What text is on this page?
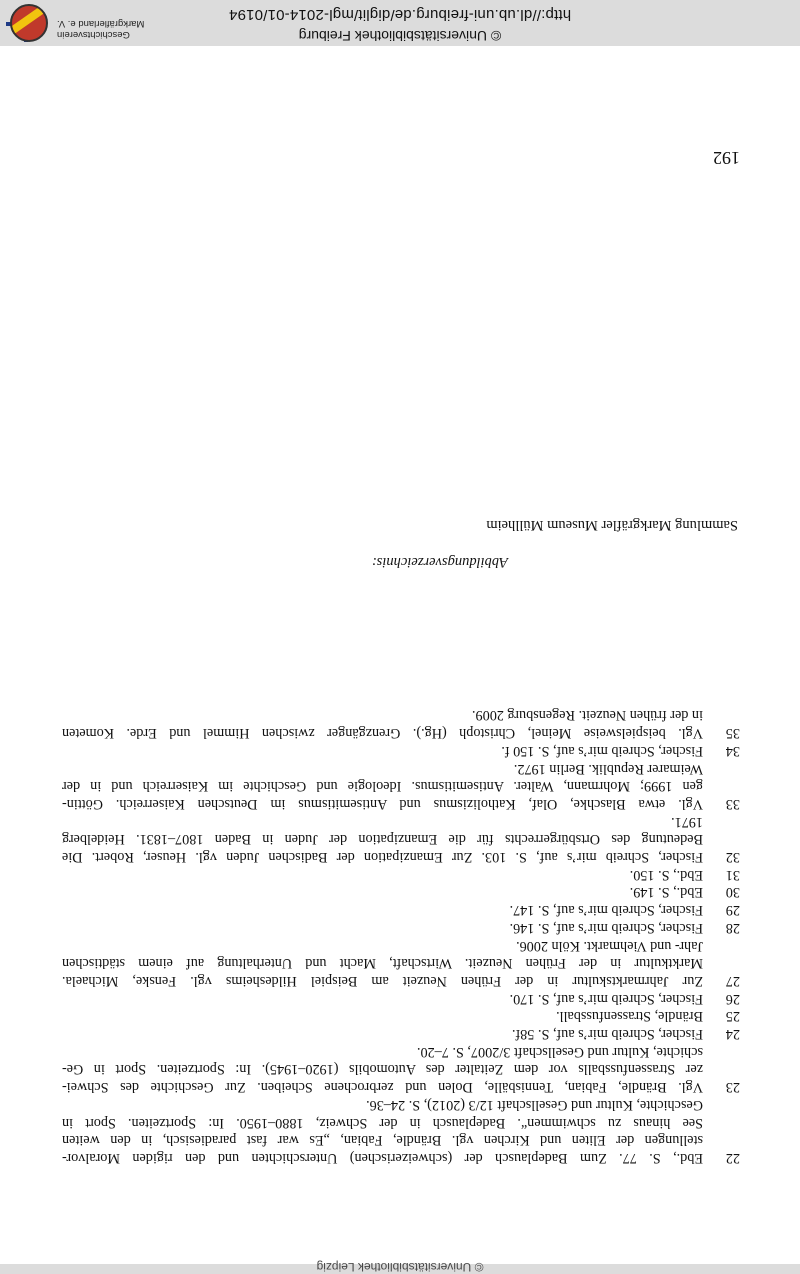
© Universitätsbibliothek Leipzig
22
Ebd., S. 77. Zum Badeplausch der (schweizerischen) Unterschichten und den rigiden Moralvor-
stellungen der Eliten und Kirchen vgl. Brändle, Fabian, „Es war fast paradiesisch, in den weiten
See hinaus zu schwimmen“. Badeplausch in der Schweiz, 1880–1950. In: Sportzeiten. Sport in
Geschichte, Kultur und Gesellschaft 12/3 (2012), S. 24–36.
23
Vgl. Brändle, Fabian, Tennisbälle, Dolen und zerbrochene Scheiben. Zur Geschichte des Schwei-
zer Strassenfussballs vor dem Zeitalter des Automobils (1920–1945). In: Sportzeiten. Sport in Ge-
schichte, Kultur und Gesellschaft 3/2007, S. 7–20.
24
Fischer, Schreib mir’s auf, S. 58f.
25
Brändle, Strassenfussball.
26
Fischer, Schreib mir’s auf, S. 170.
27
Zur Jahrmarktskultur in der Frühen Neuzeit am Beispiel Hildesheims vgl. Fenske, Michaela.
Marktkultur in der Frühen Neuzeit. Wirtschaft, Macht und Unterhaltung auf einem städtischen
Jahr- und Viehmarkt. Köln 2006.
28
Fischer, Schreib mir’s auf, S. 146.
29
Fischer, Schreib mir’s auf, S. 147.
30
Ebd., S. 149.
31
Ebd., S. 150.
32
Fischer, Schreib mir’s auf, S. 103. Zur Emanzipation der Badischen Juden vgl. Heuser, Robert. Die
Bedeutung des Ortsbürgerrechts für die Emanzipation der Juden in Baden 1807–1831. Heidelberg
1971.
33
Vgl. etwa Blaschke, Olaf, Katholizismus und Antisemitismus im Deutschen Kaiserreich. Göttin-
gen 1999; Mohrmann, Walter. Antisemitismus. Ideologie und Geschichte im Kaiserreich und in der
Weimarer Republik. Berlin 1972.
34
Fischer, Schreib mir’s auf, S. 150 f.
35
Vgl. beispielsweise Meinel, Christoph (Hg.). Grenzgänger zwischen Himmel und Erde. Kometen
in der frühen Neuzeit. Regensburg 2009.
Abbildungsverzeichnis:
Sammlung Markgräfler Museum Müllheim
192
© Universitätsbibliothek Freiburg
http://dl.ub.uni-freiburg.de/diglit/mgl-2014-01/0194
Geschichtsverein
Markgräflerland e. V.
